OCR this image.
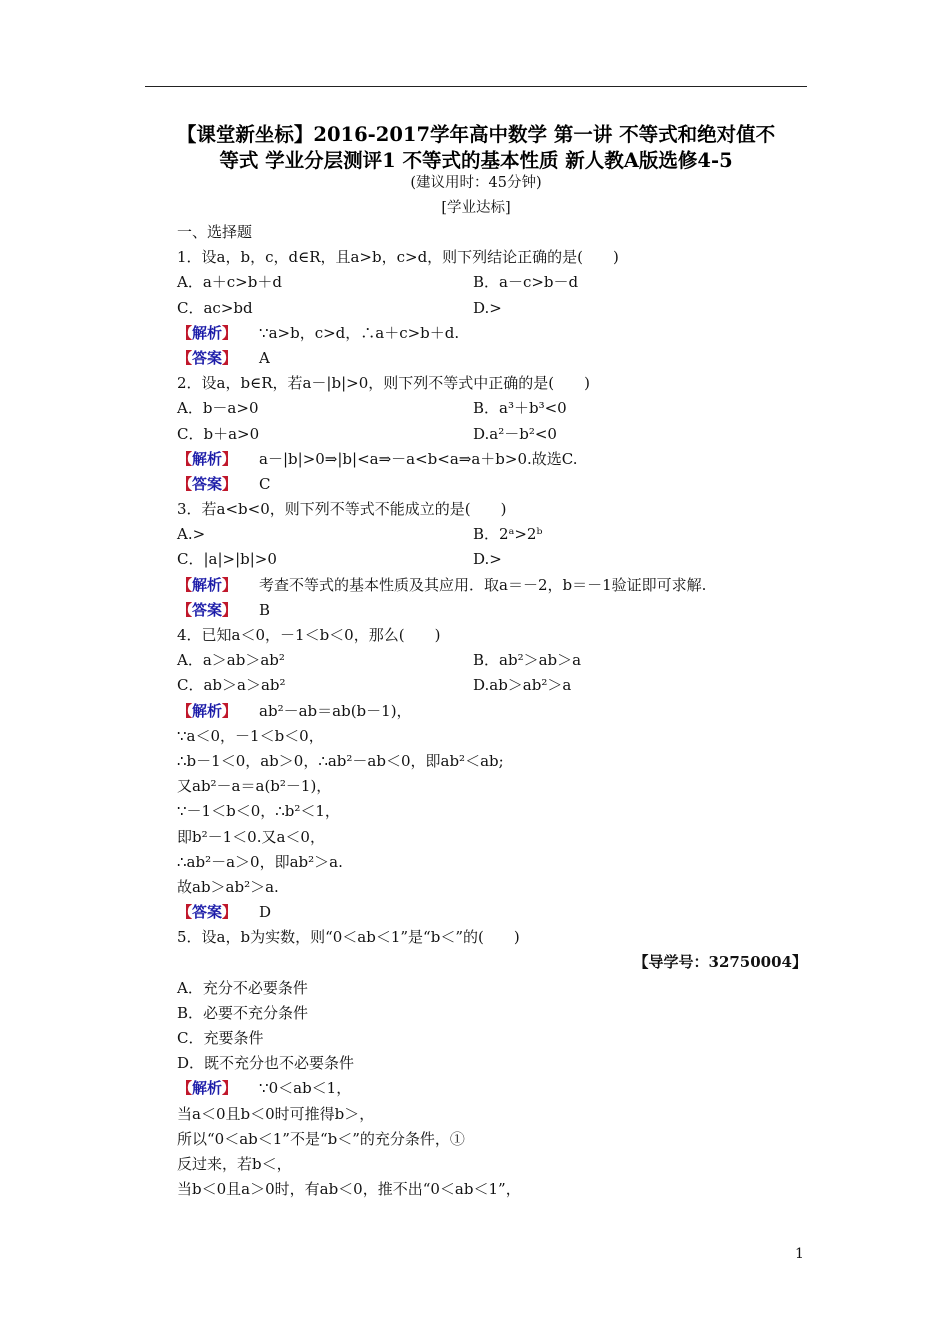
【课堂新坐标】2016-2017学年高中数学 第一讲 不等式和绝对值不
等式 学业分层测评1 不等式的基本性质 新人教A版选修4-5
(建议用时：45分钟)
[学业达标]
一、选择题
1．设a，b，c，d∈R，且a>b，c>d，则下列结论正确的是(　　)
A．a＋c>b＋d	B．a－c>b－d
C．ac>bd	D.>
【解析】 ∵a>b，c>d，∴a＋c>b＋d.
【答案】 A
2．设a，b∈R，若a－|b|>0，则下列不等式中正确的是(　　)
A．b－a>0	B．a³＋b³<0
C．b＋a>0	D.a²－b²<0
【解析】 a－|b|>0⇒|b|<a⇒－a<b<a⇒a＋b>0.故选C.
【答案】 C
3．若a<b<0，则下列不等式不能成立的是(　　)
A.>	B．2ᵃ>2ᵇ
C．|a|>|b|>0	D.>
【解析】 考查不等式的基本性质及其应用．取a＝－2，b＝－1验证即可求解.
【答案】 B
4．已知a＜0，－1＜b＜0，那么(　　)
A．a＞ab＞ab²	B．ab²＞ab＞a
C．ab＞a＞ab²	D.ab＞ab²＞a
【解析】 ab²－ab＝ab(b－1)，
∵a＜0，－1＜b＜0，
∴b－1＜0，ab＞0，∴ab²－ab＜0，即ab²＜ab;
又ab²－a＝a(b²－1)，
∵－1＜b＜0，∴b²＜1，
即b²－1＜0.又a＜0，
∴ab²－a＞0，即ab²＞a.
故ab＞ab²＞a.
【答案】 D
5．设a，b为实数，则“0＜ab＜1”是“b＜”的(　　)
【导学号：32750004】
A．充分不必要条件
B．必要不充分条件
C．充要条件
D．既不充分也不必要条件
【解析】 ∵0＜ab＜1，
当a＜0且b＜0时可推得b＞，
所以“0＜ab＜1”不是“b＜”的充分条件，①
反过来，若b＜，
当b＜0且a＞0时，有ab＜0，推不出“0＜ab＜1”，
1
